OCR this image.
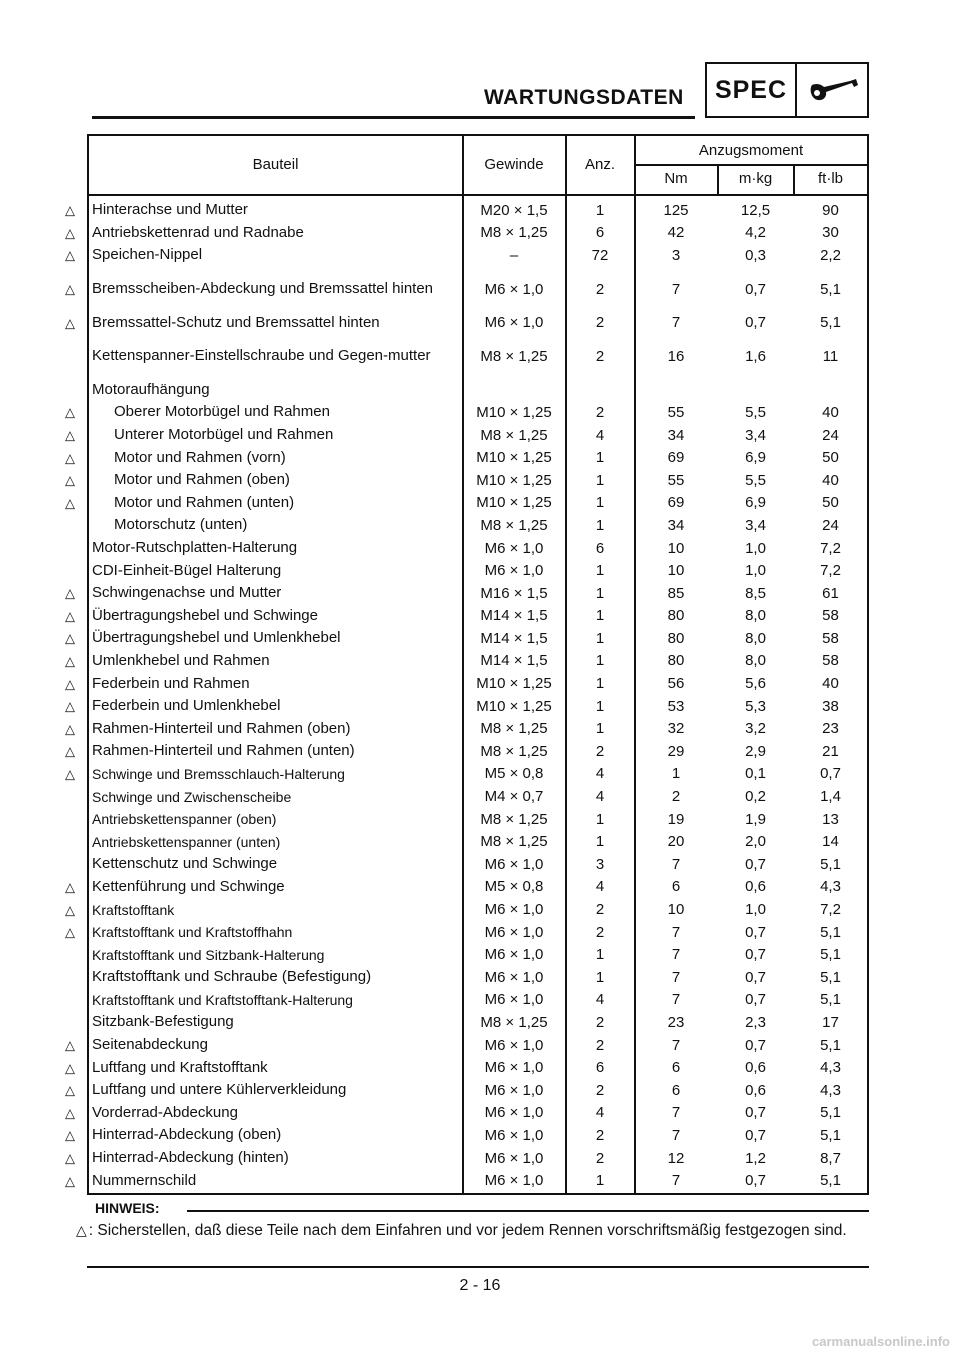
WARTUNGSDATEN	SPEC
Bauteil	Gewinde	Anz.
Anzugsmoment
Nm	m·kg	ft·lb
Hinterachse und Mutter	M20 × 1,5	1	125	12,5	90
△
Antriebskettenrad und Radnabe	M8 × 1,25	6	42	4,2	30
△
Speichen-Nippel	–	72	3	0,3	2,2
△
Bremsscheiben-Abdeckung und Bremssattel hinten	M6 × 1,0	2	7	0,7	5,1
△
Bremssattel-Schutz und Bremssattel hinten	M6 × 1,0	2	7	0,7	5,1
△
Kettenspanner-Einstellschraube und Gegen-mutter	M8 × 1,25	2	16	1,6	11
Motoraufhängung
Oberer Motorbügel und Rahmen	M10 × 1,25	2	55	5,5	40
△
Unterer Motorbügel und Rahmen	M8 × 1,25	4	34	3,4	24
△
Motor und Rahmen (vorn)	M10 × 1,25	1	69	6,9	50
△
Motor und Rahmen (oben)	M10 × 1,25	1	55	5,5	40
△
Motor und Rahmen (unten)	M10 × 1,25	1	69	6,9	50
△
Motorschutz (unten)	M8 × 1,25	1	34	3,4	24
Motor-Rutschplatten-Halterung	M6 × 1,0	6	10	1,0	7,2
CDI-Einheit-Bügel Halterung	M6 × 1,0	1	10	1,0	7,2
Schwingenachse und Mutter	M16 × 1,5	1	85	8,5	61
△
Übertragungshebel und Schwinge	M14 × 1,5	1	80	8,0	58
△
Übertragungshebel und Umlenkhebel	M14 × 1,5	1	80	8,0	58
△
Umlenkhebel und Rahmen	M14 × 1,5	1	80	8,0	58
△
Federbein und Rahmen	M10 × 1,25	1	56	5,6	40
△
Federbein und Umlenkhebel	M10 × 1,25	1	53	5,3	38
△
Rahmen-Hinterteil und Rahmen (oben)	M8 × 1,25	1	32	3,2	23
△
Rahmen-Hinterteil und Rahmen (unten)	M8 × 1,25	2	29	2,9	21
△
Schwinge und Bremsschlauch-Halterung	M5 × 0,8	4	1	0,1	0,7
△
Schwinge und Zwischenscheibe	M4 × 0,7	4	2	0,2	1,4
Antriebskettenspanner (oben)	M8 × 1,25	1	19	1,9	13
Antriebskettenspanner (unten)	M8 × 1,25	1	20	2,0	14
Kettenschutz und Schwinge	M6 × 1,0	3	7	0,7	5,1
Kettenführung und Schwinge	M5 × 0,8	4	6	0,6	4,3
△
Kraftstofftank	M6 × 1,0	2	10	1,0	7,2
△
Kraftstofftank und Kraftstoffhahn	M6 × 1,0	2	7	0,7	5,1
△
Kraftstofftank und Sitzbank-Halterung	M6 × 1,0	1	7	0,7	5,1
Kraftstofftank und Schraube (Befestigung)	M6 × 1,0	1	7	0,7	5,1
Kraftstofftank und Kraftstofftank-Halterung	M6 × 1,0	4	7	0,7	5,1
Sitzbank-Befestigung	M8 × 1,25	2	23	2,3	17
Seitenabdeckung	M6 × 1,0	2	7	0,7	5,1
△
Luftfang und Kraftstofftank	M6 × 1,0	6	6	0,6	4,3
△
Luftfang und untere Kühlerverkleidung	M6 × 1,0	2	6	0,6	4,3
△
Vorderrad-Abdeckung	M6 × 1,0	4	7	0,7	5,1
△
Hinterrad-Abdeckung (oben)	M6 × 1,0	2	7	0,7	5,1
△
Hinterrad-Abdeckung (hinten)	M6 × 1,0	2	12	1,2	8,7
△
Nummernschild	M6 × 1,0	1	7	0,7	5,1
△
HINWEIS:
△ : Sicherstellen, daß diese Teile nach dem Einfahren und vor jedem Rennen vorschriftsmäßig festgezogen sind.
2 - 16
carmanualsonline.info
